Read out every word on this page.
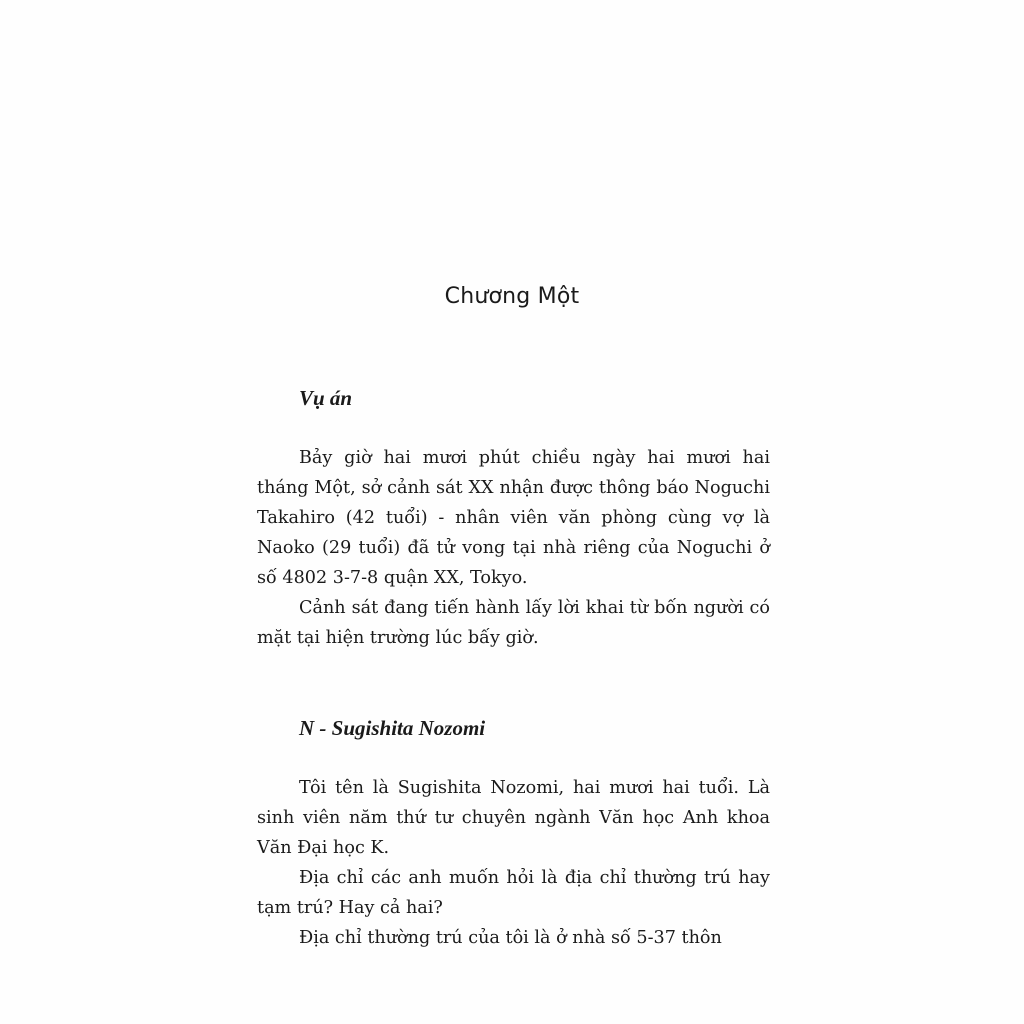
Chương Một
Vụ án

Bảy giờ hai mươi phút chiều ngày hai mươi hai tháng Một, sở cảnh sát XX nhận được thông báo Noguchi Takahiro (42 tuổi) - nhân viên văn phòng cùng vợ là Naoko (29 tuổi) đã tử vong tại nhà riêng của Noguchi ở số 4802 3-7-8 quận XX, Tokyo.

Cảnh sát đang tiến hành lấy lời khai từ bốn người có mặt tại hiện trường lúc bấy giờ.

N - Sugishita Nozomi

Tôi tên là Sugishita Nozomi, hai mươi hai tuổi. Là sinh viên năm thứ tư chuyên ngành Văn học Anh khoa Văn Đại học K.

Địa chỉ các anh muốn hỏi là địa chỉ thường trú hay tạm trú? Hay cả hai?

Địa chỉ thường trú của tôi là ở nhà số 5-37 thôn
